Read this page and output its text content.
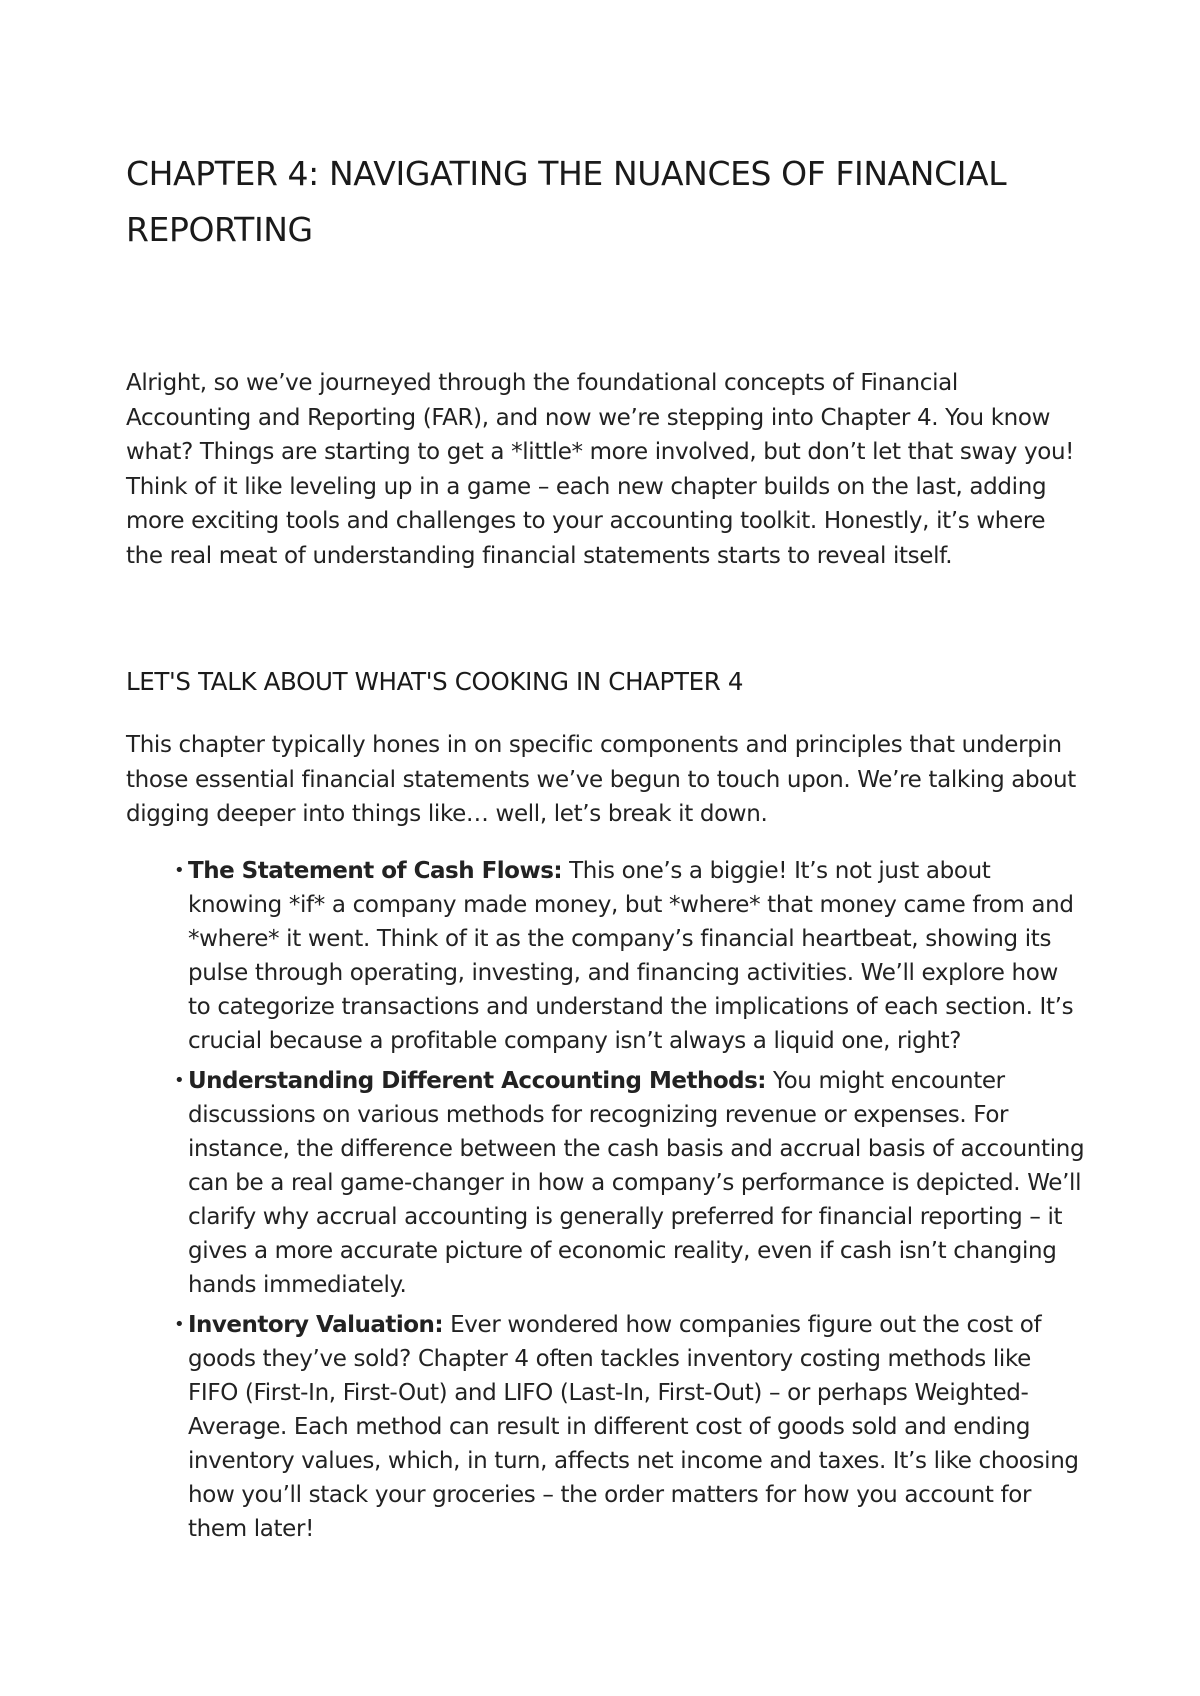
CHAPTER 4: NAVIGATING THE NUANCES OF FINANCIAL REPORTING

Alright, so we’ve journeyed through the foundational concepts of Financial Accounting and Reporting (FAR), and now we’re stepping into Chapter 4. You know what? Things are starting to get a *little* more involved, but don’t let that sway you! Think of it like leveling up in a game – each new chapter builds on the last, adding more exciting tools and challenges to your accounting toolkit. Honestly, it’s where the real meat of understanding financial statements starts to reveal itself.

LET'S TALK ABOUT WHAT'S COOKING IN CHAPTER 4

This chapter typically hones in on specific components and principles that underpin those essential financial statements we’ve begun to touch upon. We’re talking about digging deeper into things like… well, let’s break it down.

• The Statement of Cash Flows: This one’s a biggie! It’s not just about knowing *if* a company made money, but *where* that money came from and *where* it went. Think of it as the company’s financial heartbeat, showing its pulse through operating, investing, and financing activities. We’ll explore how to categorize transactions and understand the implications of each section. It’s crucial because a profitable company isn’t always a liquid one, right?
• Understanding Different Accounting Methods: You might encounter discussions on various methods for recognizing revenue or expenses. For instance, the difference between the cash basis and accrual basis of accounting can be a real game-changer in how a company’s performance is depicted. We’ll clarify why accrual accounting is generally preferred for financial reporting – it gives a more accurate picture of economic reality, even if cash isn’t changing hands immediately.
• Inventory Valuation: Ever wondered how companies figure out the cost of goods they’ve sold? Chapter 4 often tackles inventory costing methods like FIFO (First-In, First-Out) and LIFO (Last-In, First-Out) – or perhaps Weighted-Average. Each method can result in different cost of goods sold and ending inventory values, which, in turn, affects net income and taxes. It’s like choosing how you’ll stack your groceries – the order matters for how you account for them later!
